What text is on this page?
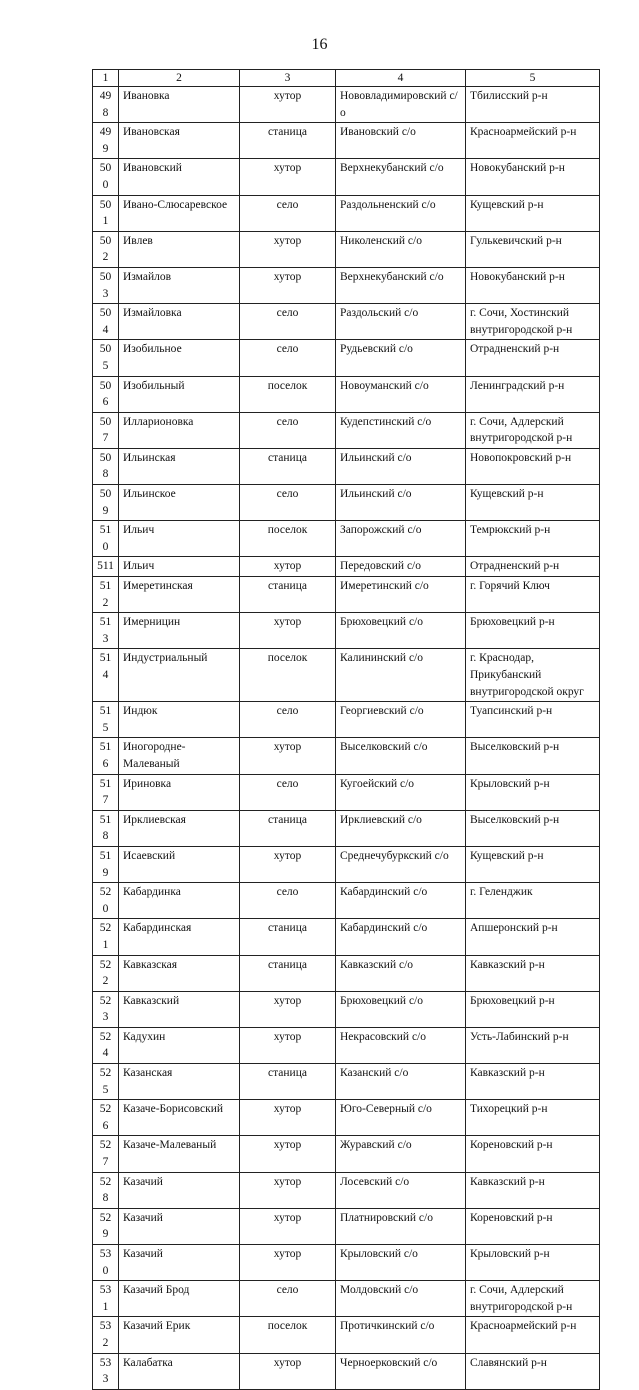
16
1	2	3	4	5
498	Ивановка	хутор	Нововладимировский с/о	Тбилисский р-н
499	Ивановская	станица	Ивановский с/о	Красноармейский р-н
500	Ивановский	хутор	Верхнекубанский с/о	Новокубанский р-н
501	Ивано-Слюсаревское	село	Раздольненский с/о	Кущевский р-н
502	Ивлев	хутор	Николенский с/о	Гулькевичский р-н
503	Измайлов	хутор	Верхнекубанский с/о	Новокубанский р-н
504	Измайловка	село	Раздольский с/о	г. Сочи, Хостинский внутригородской р-н
505	Изобильное	село	Рудьевский с/о	Отрадненский р-н
506	Изобильный	поселок	Новоуманский с/о	Ленинградский р-н
507	Илларионовка	село	Кудепстинский с/о	г. Сочи, Адлерский внутригородской р-н
508	Ильинская	станица	Ильинский с/о	Новопокровский р-н
509	Ильинское	село	Ильинский с/о	Кущевский р-н
510	Ильич	поселок	Запорожский с/о	Темрюкский р-н
511	Ильич	хутор	Передовский с/о	Отрадненский р-н
512	Имеретинская	станица	Имеретинский с/о	г. Горячий Ключ
513	Имерницин	хутор	Брюховецкий с/о	Брюховецкий р-н
514	Индустриальный	поселок	Калининский с/о	г. Краснодар, Прикубанский внутригородской округ
515	Индюк	село	Георгиевский с/о	Туапсинский р-н
516	Иногородне-Малеваный	хутор	Выселковский с/о	Выселковский р-н
517	Ириновка	село	Кугоейский с/о	Крыловский р-н
518	Ирклиевская	станица	Ирклиевский с/о	Выселковский р-н
519	Исаевский	хутор	Среднечубуркский с/о	Кущевский р-н
520	Кабардинка	село	Кабардинский с/о	г. Геленджик
521	Кабардинская	станица	Кабардинский с/о	Апшеронский р-н
522	Кавказская	станица	Кавказский с/о	Кавказский р-н
523	Кавказский	хутор	Брюховецкий с/о	Брюховецкий р-н
524	Кадухин	хутор	Некрасовский с/о	Усть-Лабинский р-н
525	Казанская	станица	Казанский с/о	Кавказский р-н
526	Казаче-Борисовский	хутор	Юго-Северный с/о	Тихорецкий р-н
527	Казаче-Малеваный	хутор	Журавский с/о	Кореновский р-н
528	Казачий	хутор	Лосевский с/о	Кавказский р-н
529	Казачий	хутор	Платнировский с/о	Кореновский р-н
530	Казачий	хутор	Крыловский с/о	Крыловский р-н
531	Казачий Брод	село	Молдовский с/о	г. Сочи, Адлерский внутригородской р-н
532	Казачий Ерик	поселок	Протичкинский с/о	Красноармейский р-н
533	Калабатка	хутор	Черноерковский с/о	Славянский р-н
